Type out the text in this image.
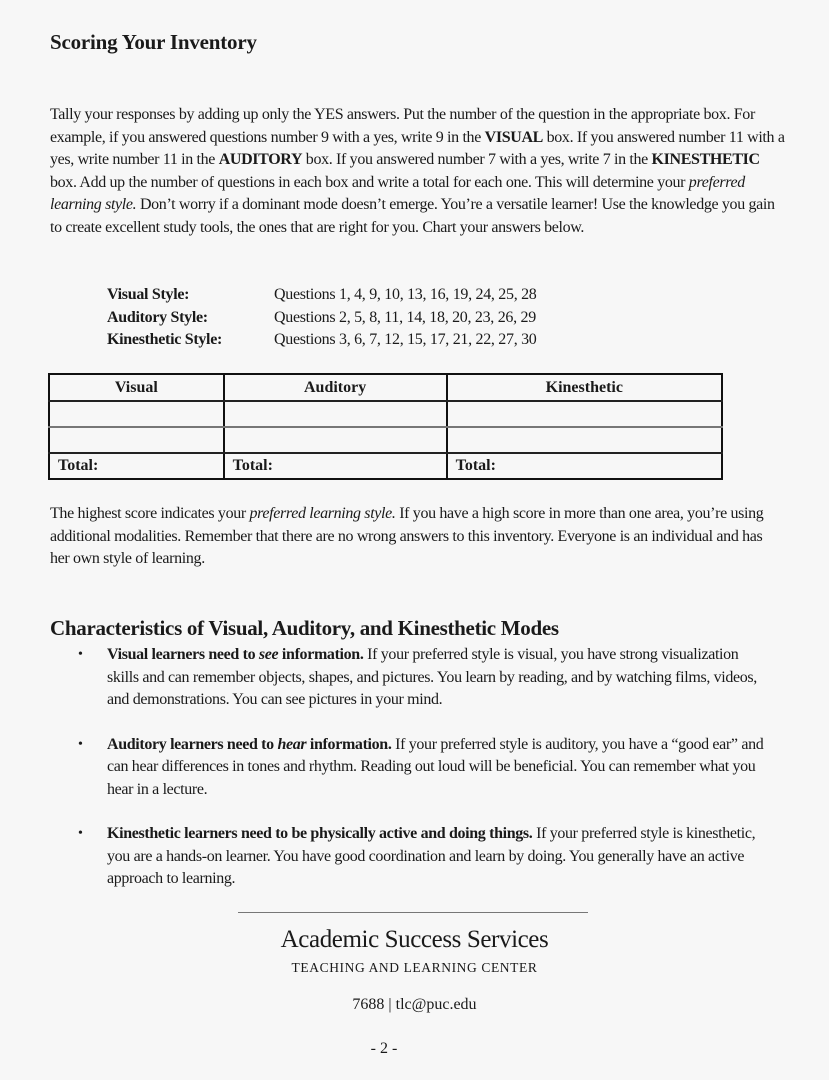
Scoring Your Inventory

Tally your responses by adding up only the YES answers. Put the number of the question in the appropriate box. For example, if you answered questions number 9 with a yes, write 9 in the VISUAL box. If you answered number 11 with a yes, write number 11 in the AUDITORY box. If you answered number 7 with a yes, write 7 in the KINESTHETIC box. Add up the number of questions in each box and write a total for each one. This will determine your preferred learning style. Don’t worry if a dominant mode doesn’t emerge. You’re a versatile learner! Use the knowledge you gain to create excellent study tools, the ones that are right for you. Chart your answers below.

Visual Style:	Questions 1, 4, 9, 10, 13, 16, 19, 24, 25, 28
Auditory Style:	Questions 2, 5, 8, 11, 14, 18, 20, 23, 26, 29
Kinesthetic Style:	Questions 3, 6, 7, 12, 15, 17, 21, 22, 27, 30
Visual	Auditory	Kinesthetic

Total:	Total:	Total:

The highest score indicates your preferred learning style. If you have a high score in more than one area, you’re using additional modalities. Remember that there are no wrong answers to this inventory. Everyone is an individual and has her own style of learning.

Characteristics of Visual, Auditory, and Kinesthetic Modes
• Visual learners need to see information. If your preferred style is visual, you have strong visualization skills and can remember objects, shapes, and pictures. You learn by reading, and by watching films, videos, and demonstrations. You can see pictures in your mind.
• Auditory learners need to hear information. If your preferred style is auditory, you have a “good ear” and can hear differences in tones and rhythm. Reading out loud will be beneficial. You can remember what you hear in a lecture.
• Kinesthetic learners need to be physically active and doing things. If your preferred style is kinesthetic, you are a hands-on learner. You have good coordination and learn by doing. You generally have an active approach to learning.
Academic Success Services
TEACHING AND LEARNING CENTER
7688 | tlc@puc.edu
- 2 -
